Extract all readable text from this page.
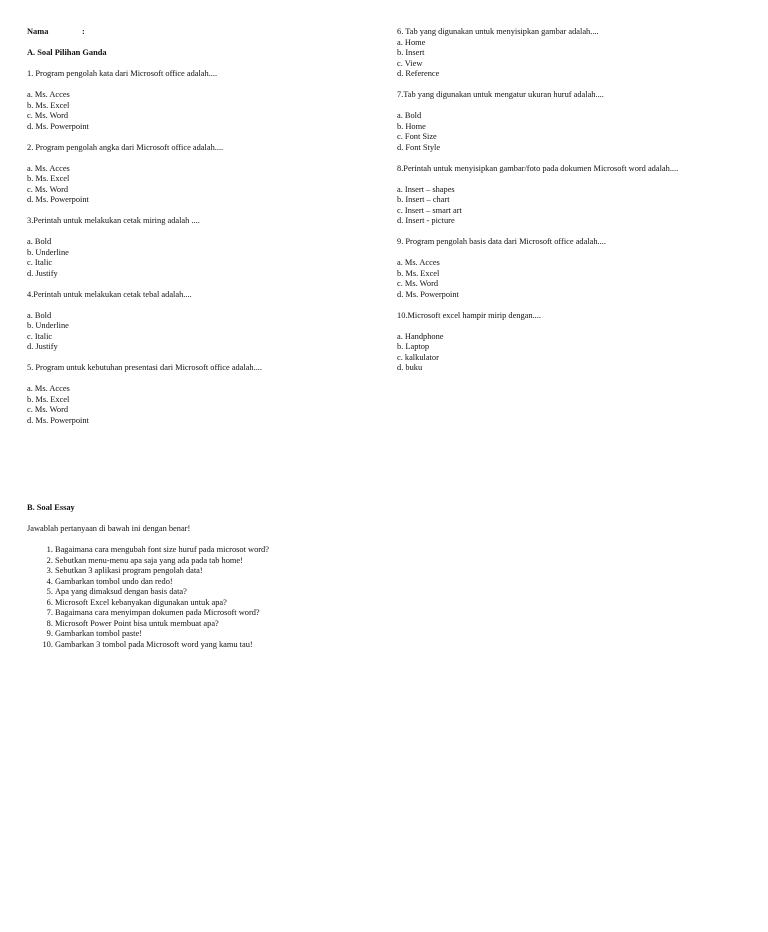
Nama	:
A. Soal Pilihan Ganda
1. Program pengolah kata dari Microsoft office adalah....
a. Ms. Acces
b. Ms. Excel
c. Ms. Word
d. Ms. Powerpoint
2. Program pengolah angka dari Microsoft office adalah....
a. Ms. Acces
b. Ms. Excel
c. Ms. Word
d. Ms. Powerpoint
3.Perintah untuk melakukan cetak miring adalah ....
a. Bold
b. Underline
c. Italic
d. Justify
4.Perintah untuk melakukan cetak tebal adalah....
a. Bold
b. Underline
c. Italic
d. Justify
5. Program untuk kebutuhan presentasi dari Microsoft office adalah....
a. Ms. Acces
b. Ms. Excel
c. Ms. Word
d. Ms. Powerpoint
6. Tab yang digunakan untuk menyisipkan gambar adalah....
a. Home
b. Insert
c. View
d. Reference
7.Tab yang digunakan untuk mengatur ukuran huruf adalah....
a. Bold
b. Home
c. Font Size
d. Font Style
8.Perintah untuk menyisipkan gambar/foto pada dokumen Microsoft word adalah....
a. Insert – shapes
b. Insert – chart
c. Insert – smart art
d. Insert - picture
9. Program pengolah basis data dari Microsoft office adalah....
a. Ms. Acces
b. Ms. Excel
c. Ms. Word
d. Ms. Powerpoint
10.Microsoft excel hampir mirip dengan....
a. Handphone
b. Laptop
c. kalkulator
d. buku
B. Soal Essay
Jawablah pertanyaan di bawah ini dengan benar!
1. Bagaimana cara mengubah font size huruf pada microsot word?
2. Sebutkan menu-menu apa saja yang ada pada tab home!
3. Sebutkan 3 aplikasi program pengolah data!
4. Gambarkan tombol undo dan redo!
5. Apa yang dimaksud dengan basis data?
6. Microsoft Excel kebanyakan digunakan untuk apa?
7. Bagaimana cara menyimpan dokumen pada Microsoft word?
8. Microsoft Power Point bisa untuk membuat apa?
9. Gambarkan tombol paste!
10. Gambarkan 3 tombol pada Microsoft word yang kamu tau!
